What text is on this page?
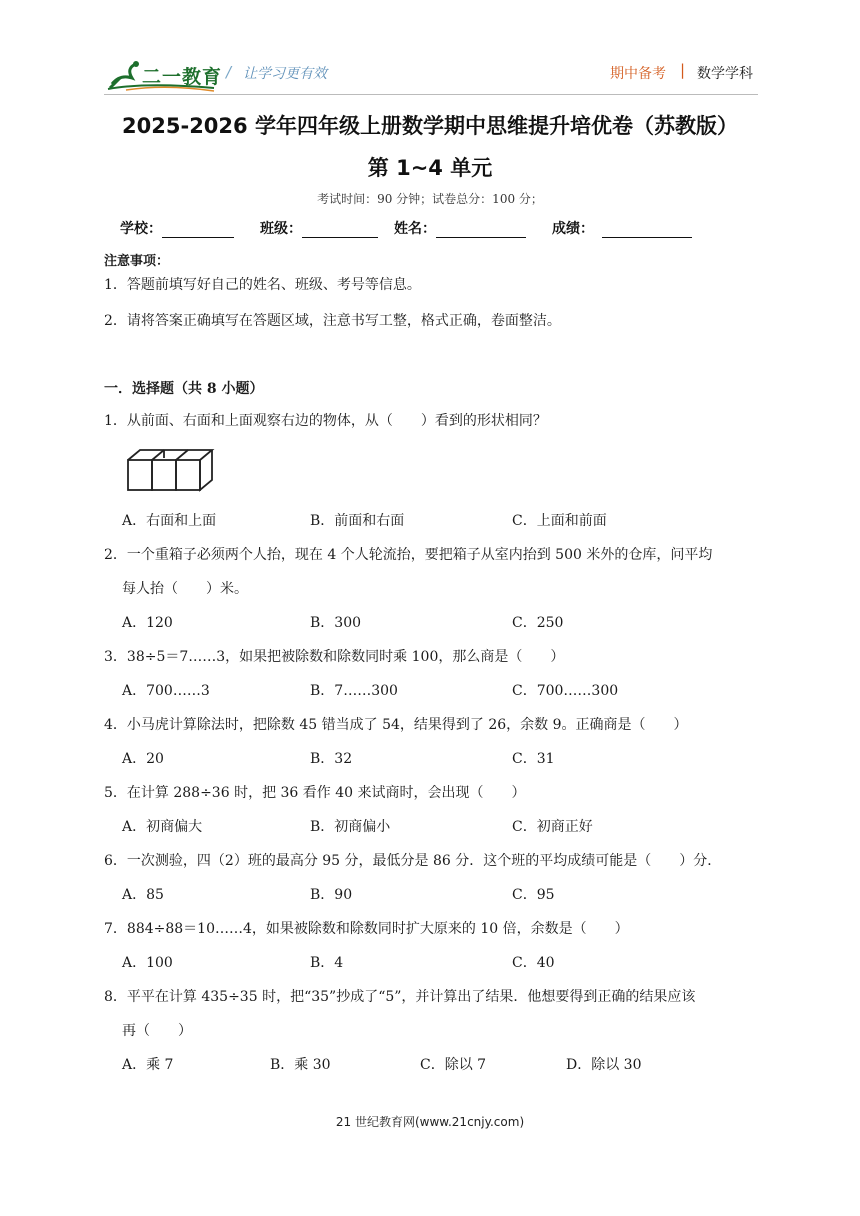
二一教育 / 让学习更有效	期中备考 | 数学学科
2025-2026 学年四年级上册数学期中思维提升培优卷（苏教版）
第 1~4 单元
考试时间：90 分钟；试卷总分：100 分；
学校：	班级：	姓名：	成绩：
注意事项：
1．答题前填写好自己的姓名、班级、考号等信息。
2．请将答案正确填写在答题区域，注意书写工整，格式正确，卷面整洁。
一．选择题（共 8 小题）
1．从前面、右面和上面观察右边的物体，从（　　）看到的形状相同？
A．右面和上面	B．前面和右面	C．上面和前面
2．一个重箱子必须两个人抬，现在 4 个人轮流抬，要把箱子从室内抬到 500 米外的仓库，问平均
每人抬（　　）米。
A．120	B．300	C．250
3．38÷5＝7……3，如果把被除数和除数同时乘 100，那么商是（　　）
A．700……3	B．7……300	C．700……300
4．小马虎计算除法时，把除数 45 错当成了 54，结果得到了 26，余数 9。正确商是（　　）
A．20	B．32	C．31
5．在计算 288÷36 时，把 36 看作 40 来试商时，会出现（　　）
A．初商偏大	B．初商偏小	C．初商正好
6．一次测验，四（2）班的最高分 95 分，最低分是 86 分．这个班的平均成绩可能是（　　）分．
A．85	B．90	C．95
7．884÷88＝10……4，如果被除数和除数同时扩大原来的 10 倍，余数是（　　）
A．100	B．4	C．40
8．平平在计算 435÷35 时，把“35”抄成了“5”，并计算出了结果．他想要得到正确的结果应该
再（　　）
A．乘 7	B．乘 30	C．除以 7	D．除以 30
21 世纪教育网(www.21cnjy.com)
